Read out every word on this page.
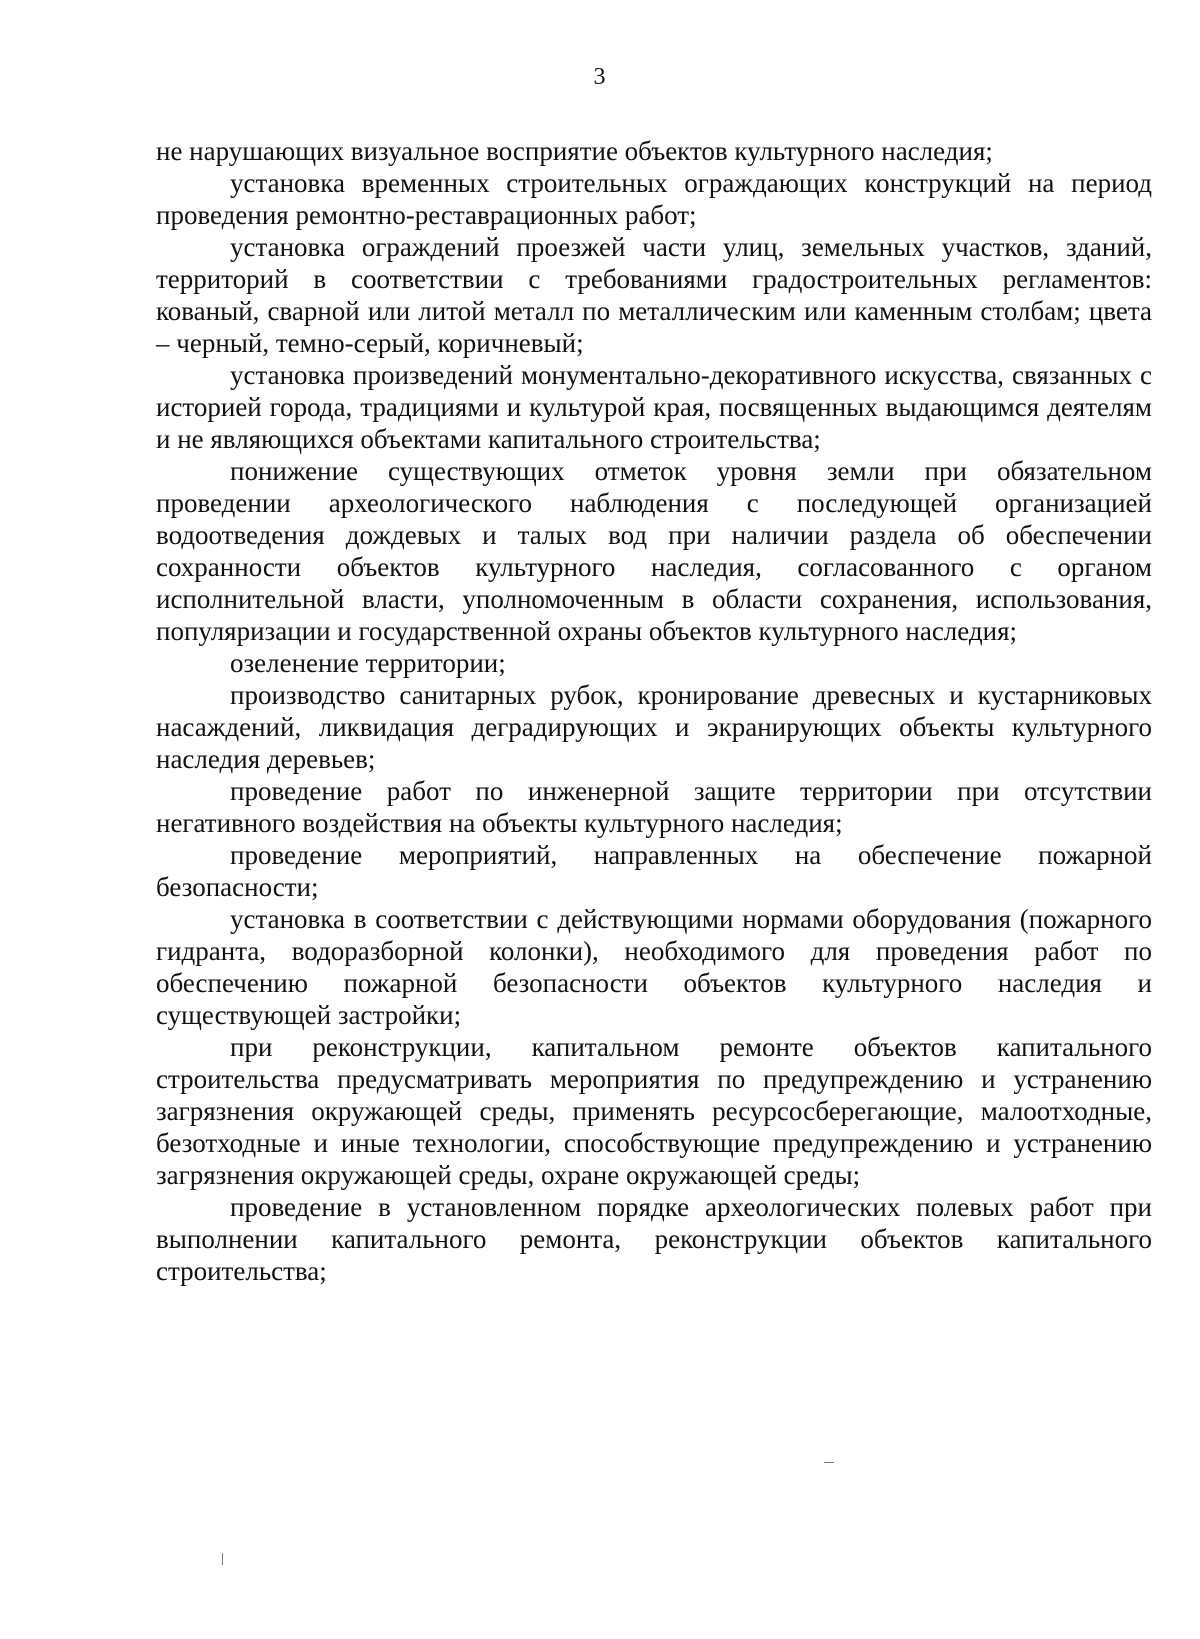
3

не нарушающих визуальное восприятие объектов культурного наследия;

установка временных строительных ограждающих конструкций на период проведения ремонтно-реставрационных работ;

установка ограждений проезжей части улиц, земельных участков, зданий, территорий в соответствии с требованиями градостроительных регламентов: кованый, сварной или литой металл по металлическим или каменным столбам; цвета – черный, темно-серый, коричневый;

установка произведений монументально-декоративного искусства, связанных с историей города, традициями и культурой края, посвященных выдающимся деятелям и не являющихся объектами капитального строительства;

понижение существующих отметок уровня земли при обязательном проведении археологического наблюдения с последующей организацией водоотведения дождевых и талых вод при наличии раздела об обеспечении сохранности объектов культурного наследия, согласованного с органом исполнительной власти, уполномоченным в области сохранения, использования, популяризации и государственной охраны объектов культурного наследия;

озеленение территории;

производство санитарных рубок, кронирование древесных и кустарниковых насаждений, ликвидация деградирующих и экранирующих объекты культурного наследия деревьев;

проведение работ по инженерной защите территории при отсутствии негативного воздействия на объекты культурного наследия;

проведение мероприятий, направленных на обеспечение пожарной безопасности;

установка в соответствии с действующими нормами оборудования (пожарного гидранта, водоразборной колонки), необходимого для проведения работ по обеспечению пожарной безопасности объектов культурного наследия и существующей застройки;

при реконструкции, капитальном ремонте объектов капитального строительства предусматривать мероприятия по предупреждению и устранению загрязнения окружающей среды, применять ресурсосберегающие, малоотходные, безотходные и иные технологии, способствующие предупреждению и устранению загрязнения окружающей среды, охране окружающей среды;

проведение в установленном порядке археологических полевых работ при выполнении капитального ремонта, реконструкции объектов капитального строительства;
